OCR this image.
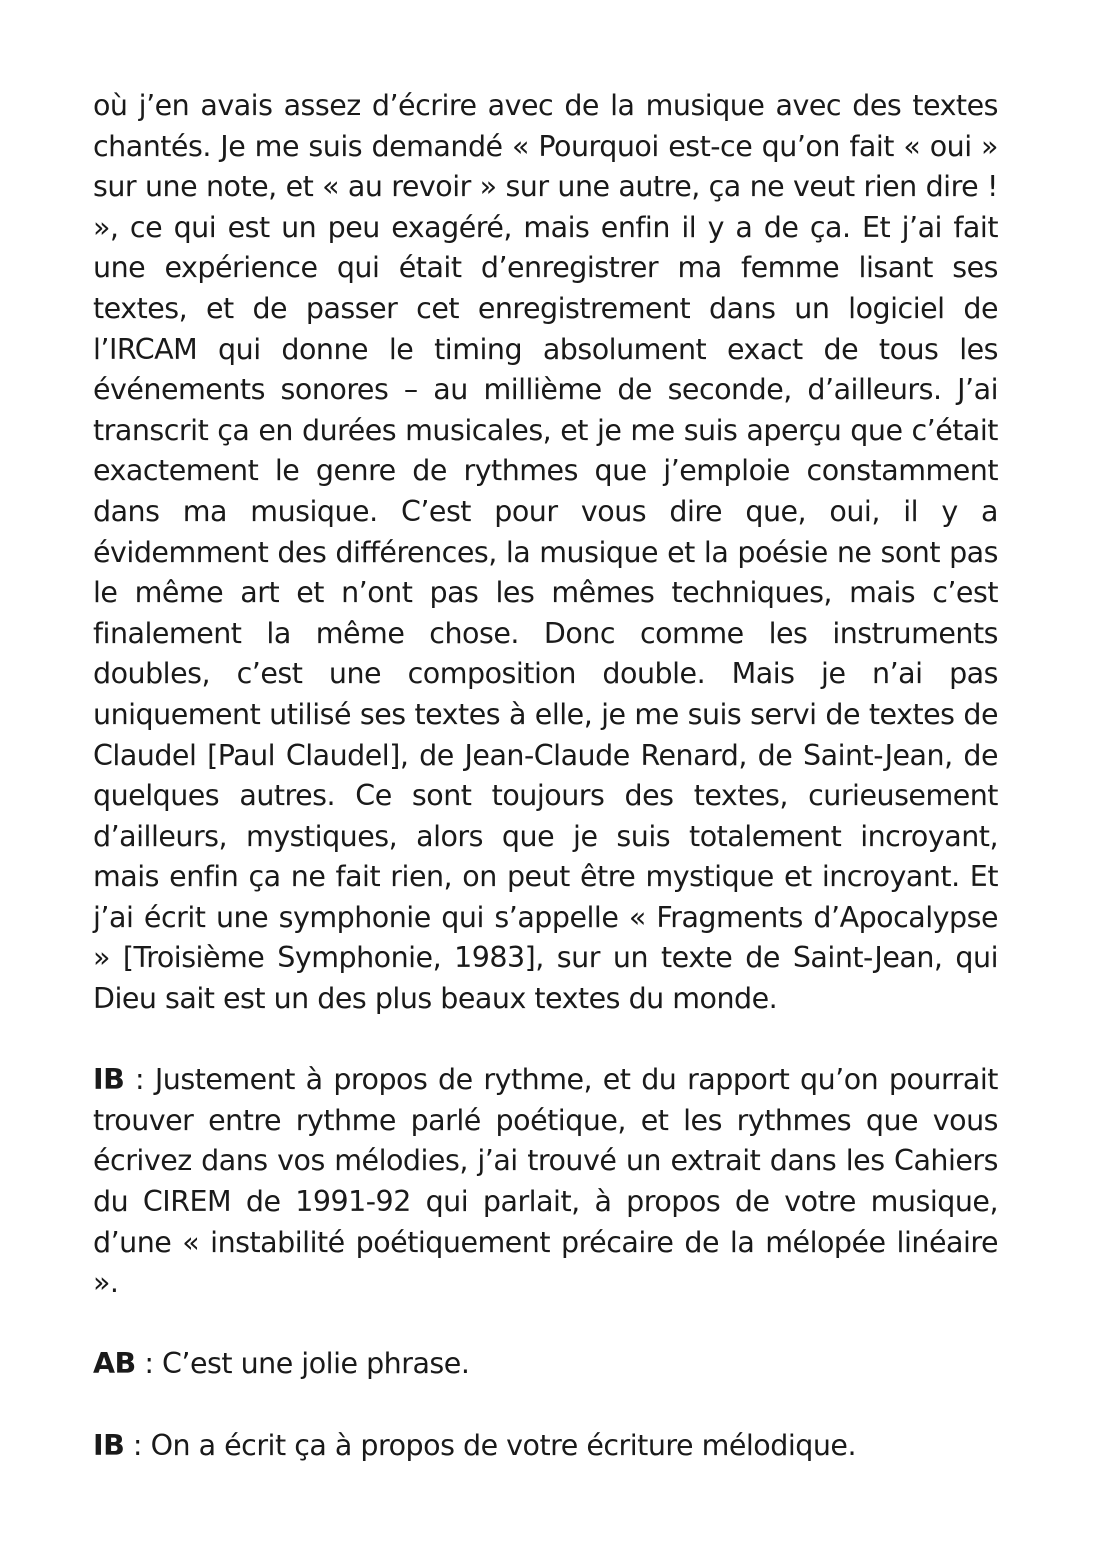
où j’en avais assez d’écrire avec de la musique avec des textes chantés. Je me suis demandé « Pourquoi est-ce qu’on fait « oui » sur une note, et « au revoir » sur une autre, ça ne veut rien dire ! », ce qui est un peu exagéré, mais enfin il y a de ça. Et j’ai fait une expérience qui était d’enregistrer ma femme lisant ses textes, et de passer cet enregistrement dans un logiciel de l’IRCAM qui donne le timing absolument exact de tous les événements sonores – au millième de seconde, d’ailleurs. J’ai transcrit ça en durées musicales, et je me suis aperçu que c’était exactement le genre de rythmes que j’emploie constamment dans ma musique. C’est pour vous dire que, oui, il y a évidemment des différences, la musique et la poésie ne sont pas le même art et n’ont pas les mêmes techniques, mais c’est finalement la même chose. Donc comme les instruments doubles, c’est une composition double. Mais je n’ai pas uniquement utilisé ses textes à elle, je me suis servi de textes de Claudel [Paul Claudel], de Jean-Claude Renard, de Saint-Jean, de quelques autres. Ce sont toujours des textes, curieusement d’ailleurs, mystiques, alors que je suis totalement incroyant, mais enfin ça ne fait rien, on peut être mystique et incroyant. Et j’ai écrit une symphonie qui s’appelle « Fragments d’Apocalypse » [Troisième Symphonie, 1983], sur un texte de Saint-Jean, qui Dieu sait est un des plus beaux textes du monde.

IB : Justement à propos de rythme, et du rapport qu’on pourrait trouver entre rythme parlé poétique, et les rythmes que vous écrivez dans vos mélodies, j’ai trouvé un extrait dans les Cahiers du CIREM de 1991-92 qui parlait, à propos de votre musique, d’une « instabilité poétiquement précaire de la mélopée linéaire ».

AB : C’est une jolie phrase.

IB : On a écrit ça à propos de votre écriture mélodique.
